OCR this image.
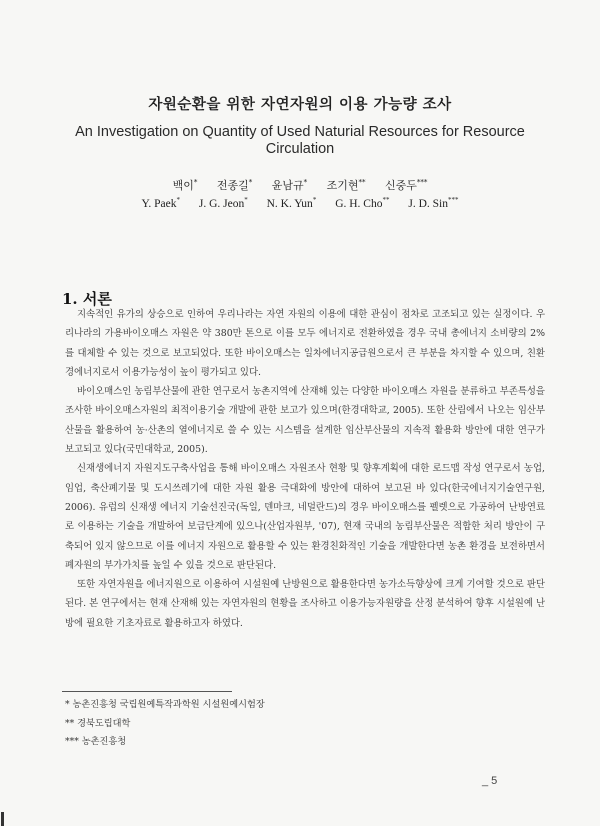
자원순환을 위한 자연자원의 이용 가능량 조사
An Investigation on Quantity of Used Naturial Resources for Resource Circulation
백이* 전종길* 윤남규* 조기현** 신중두***
Y. Paek* J. G. Jeon* N. K. Yun* G. H. Cho** J. D. Sin***
1. 서론

지속적인 유가의 상승으로 인하여 우리나라는 자연 자원의 이용에 대한 관심이 점차로 고조되고 있는 실정이다. 우리나라의 가용바이오매스 자원은 약 380만 톤으로 이를 모두 에너지로 전환하였을 경우 국내 총에너지 소비량의 2%를 대체할 수 있는 것으로 보고되었다. 또한 바이오매스는 일차에너지공급원으로서 큰 부분을 차지할 수 있으며, 친환경에너지로서 이용가능성이 높이 평가되고 있다.

바이오매스인 농림부산물에 관한 연구로서 농촌지역에 산재해 있는 다양한 바이오매스 자원을 분류하고 부존특성을 조사한 바이오매스자원의 최적이용기술 개발에 관한 보고가 있으며(한경대학교, 2005). 또한 산림에서 나오는 임산부산물을 활용하여 농·산촌의 열에너지로 쓸 수 있는 시스템을 설계한 임산부산물의 지속적 활용화 방안에 대한 연구가 보고되고 있다(국민대학교, 2005).

신재생에너지 자원지도구축사업을 통해 바이오매스 자원조사 현황 및 향후계획에 대한 로드맵 작성 연구로서 농업, 임업, 축산폐기물 및 도시쓰레기에 대한 자원 활용 극대화에 방안에 대하여 보고된 바 있다(한국에너지기술연구원, 2006). 유럽의 신재생 에너지 기술선진국(독일, 덴마크, 네덜란드)의 경우 바이오매스를 펠렛으로 가공하여 난방연료로 이용하는 기술을 개발하여 보급단계에 있으나(산업자원부, '07), 현재 국내의 농림부산물은 적합한 처리 방안이 구축되어 있지 않으므로 이를 에너지 자원으로 활용할 수 있는 환경친화적인 기술을 개발한다면 농촌 환경을 보전하면서 폐자원의 부가가치를 높일 수 있을 것으로 판단된다.

또한 자연자원을 에너지원으로 이용하여 시설원예 난방원으로 활용한다면 농가소득향상에 크게 기여할 것으로 판단된다. 본 연구에서는 현재 산재해 있는 자연자원의 현황을 조사하고 이용가능자원량을 산정 분석하여 향후 시설원예 난방에 필요한 기초자료로 활용하고자 하였다.

* 농촌진흥청 국립원예특작과학원 시설원예시험장
** 경북도립대학
*** 농촌진흥청
_ 5
